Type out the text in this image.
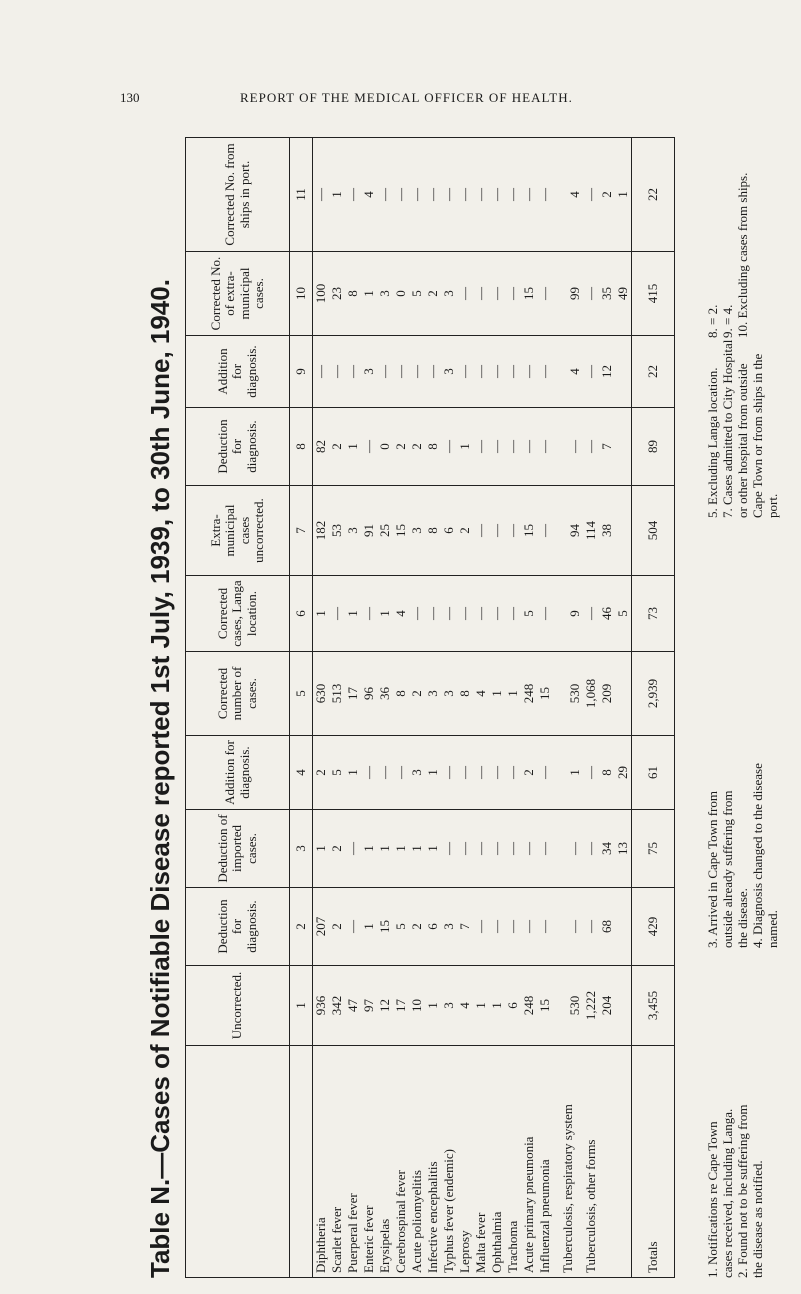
130	REPORT OF THE MEDICAL OFFICER OF HEALTH.
Table N.—Cases of Notifiable Disease reported 1st July, 1939, to 30th June, 1940.
		Uncorrected.	Deduction for diagnosis.	Deduction of imported cases.	Addition for diagnosis.	Corrected number of cases.	Corrected cases, Langa location.	Extra-municipal cases uncorrected.	Deduction for diagnosis.	Addition for diagnosis.	Corrected No. of extra-municipal cases.	Corrected No. from ships in port.
	1	2	3	4	5	6	7	8	9	10	11
Diphtheria	936	207	1	2	630	1	182	82	—	100	—
Scarlet fever	342	2	2	5	513	—	53	2	—	23	1
Puerperal fever	47	—	—	1	17	1	3	1	—	8	—
Enteric fever	97	1	1	—	96	—	91	—	3	1	4
Erysipelas	12	15	1	—	36	1	25	0	—	3	—
Cerebrospinal fever	17	5	1	—	8	4	15	2	—	0	—
Acute poliomyelitis	10	2	1	3	2	—	3	2	—	5	—
Infective encephalitis	1	6	1	1	3	—	8	8	—	2	—
Typhus fever (endemic)	3	3	—	—	3	—	6	—	3	3	—
Leprosy	4	7	—	—	8	—	2	1	—	—	—
Malta fever	1	—	—	—	4	—	—	—	—	—	—
Ophthalmia	1	—	—	—	1	—	—	—	—	—	—
Trachoma	6	—	—	—	1	—	—	—	—	—	—
Acute primary pneumonia	248	—	—	2	248	5	15	—	—	15	—
Influenzal pneumonia	15	—	—	—	15	—	—	—	—	—	—
Tuberculosis, respiratory system	530	—	—	1	530	9	94	—	4	99	4
Tuberculosis, other forms	1,222	—	—	—	1,068	—	114	—	—	—	—
	204	68	34	8	209	46	38	7	12	35	2
			13	29		5				49	1
Totals	3,455	429	75	61	2,939	73	504	89	22	415	22
1. Notifications re Cape Town cases received, including Langa. 2. Found not to be suffering from the disease as notified.
3. Arrived in Cape Town from outside already suffering from the disease. 4. Diagnosis changed to the disease named.
5. Excluding Langa location. 7. Cases admitted to City Hospital or other hospital from outside Cape Town or from ships in the port.
8. = 2. 9. = 4. 10. Excluding cases from ships.
